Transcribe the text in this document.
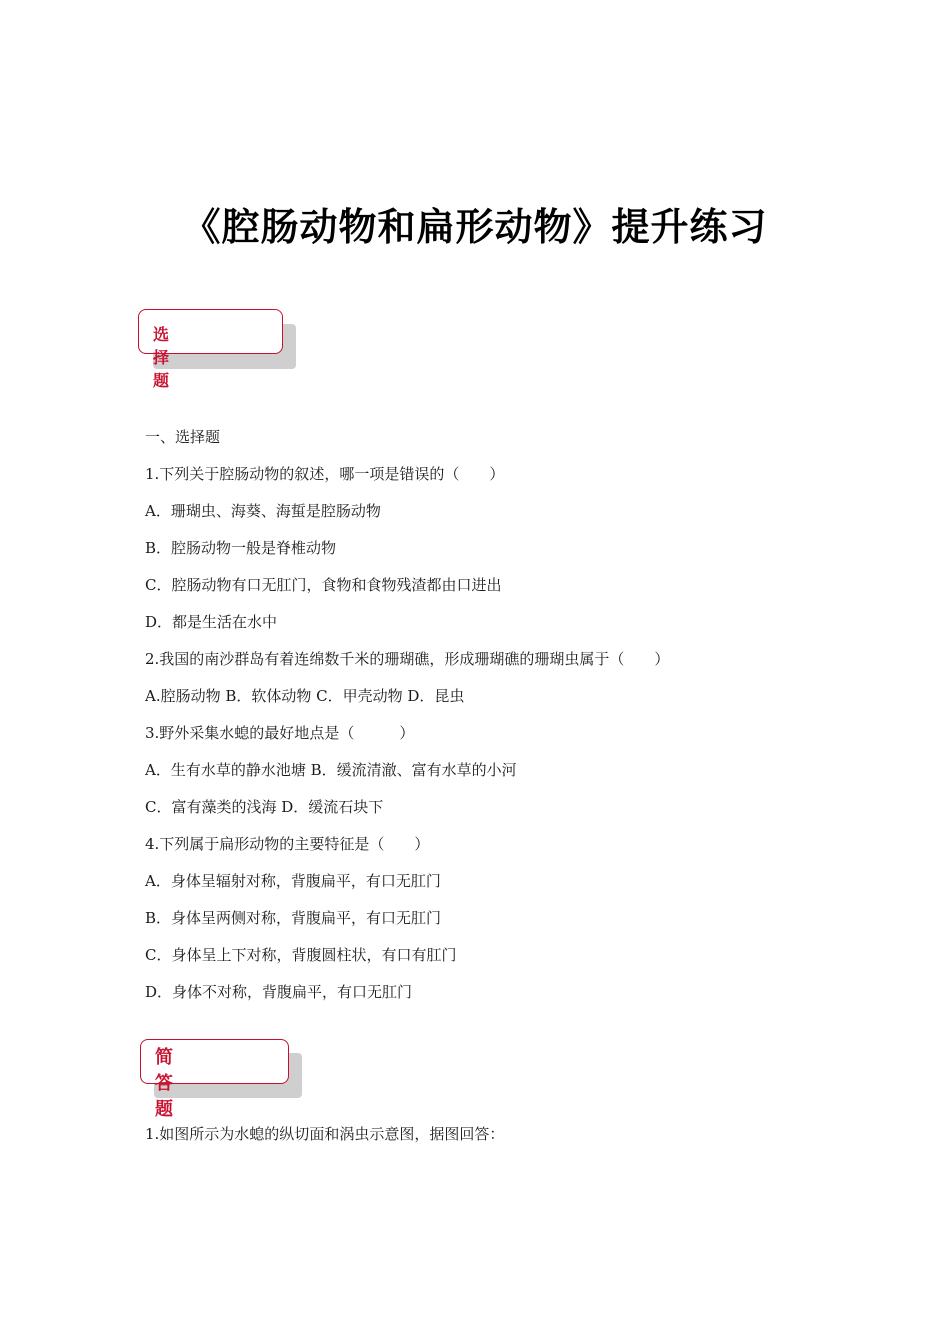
《腔肠动物和扁形动物》提升练习
选择题
一、选择题
1.下列关于腔肠动物的叙述，哪一项是错误的（　　）
A．珊瑚虫、海葵、海蜇是腔肠动物
B．腔肠动物一般是脊椎动物
C．腔肠动物有口无肛门，食物和食物残渣都由口进出
D．都是生活在水中
2.我国的南沙群岛有着连绵数千米的珊瑚礁，形成珊瑚礁的珊瑚虫属于（　　）
A.腔肠动物 B．软体动物 C．甲壳动物 D．昆虫
3.野外采集水螅的最好地点是（　　　）
A．生有水草的静水池塘 B．缓流清澈、富有水草的小河
C．富有藻类的浅海 D．缓流石块下
4.下列属于扁形动物的主要特征是（　　）
A．身体呈辐射对称，背腹扁平，有口无肛门
B．身体呈两侧对称，背腹扁平，有口无肛门
C．身体呈上下对称，背腹圆柱状，有口有肛门
D．身体不对称，背腹扁平，有口无肛门
简答题
1.如图所示为水螅的纵切面和涡虫示意图，据图回答：
